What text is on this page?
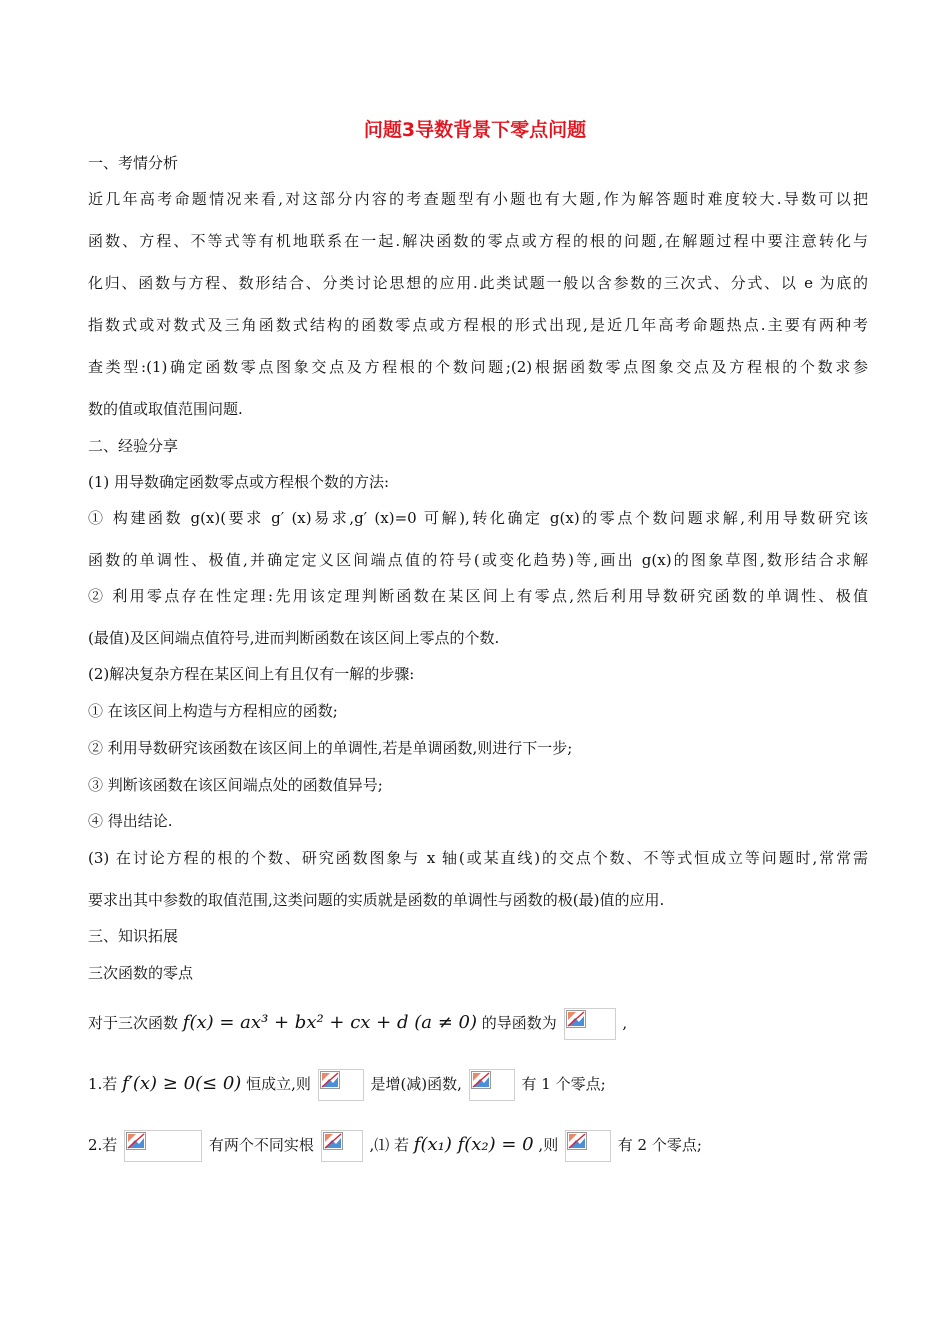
问题3导数背景下零点问题
一、考情分析
近几年高考命题情况来看,对这部分内容的考查题型有小题也有大题,作为解答题时难度较大.导数可以把
函数、方程、不等式等有机地联系在一起.解决函数的零点或方程的根的问题,在解题过程中要注意转化与
化归、函数与方程、数形结合、分类讨论思想的应用.此类试题一般以含参数的三次式、分式、以 e 为底的
指数式或对数式及三角函数式结构的函数零点或方程根的形式出现,是近几年高考命题热点.主要有两种考
查类型:(1)确定函数零点图象交点及方程根的个数问题;(2)根据函数零点图象交点及方程根的个数求参
数的值或取值范围问题.
二、经验分享
(1) 用导数确定函数零点或方程根个数的方法:
① 构建函数 g(x)(要求 g′ (x)易求,g′ (x)=0 可解),转化确定 g(x)的零点个数问题求解,利用导数研究该
函数的单调性、极值,并确定定义区间端点值的符号(或变化趋势)等,画出 g(x)的图象草图,数形结合求解
② 利用零点存在性定理:先用该定理判断函数在某区间上有零点,然后利用导数研究函数的单调性、极值
(最值)及区间端点值符号,进而判断函数在该区间上零点的个数.
(2)解决复杂方程在某区间上有且仅有一解的步骤:
① 在该区间上构造与方程相应的函数;
② 利用导数研究该函数在该区间上的单调性,若是单调函数,则进行下一步;
③ 判断该函数在该区间端点处的函数值异号;
④ 得出结论.
(3) 在讨论方程的根的个数、研究函数图象与 x 轴(或某直线)的交点个数、不等式恒成立等问题时,常常需
要求出其中参数的取值范围,这类问题的实质就是函数的单调性与函数的极(最)值的应用.
三、知识拓展
三次函数的零点
对于三次函数 f(x) = ax³ + bx² + cx + d (a ≠ 0) 的导函数为	,
1.若 f′(x) ≥ 0(≤ 0) 恒成立,则	是增(减)函数,	有 1 个零点;
2.若	有两个不同实根	,⑴ 若 f(x₁) f(x₂) = 0 ,则	有 2 个零点;
